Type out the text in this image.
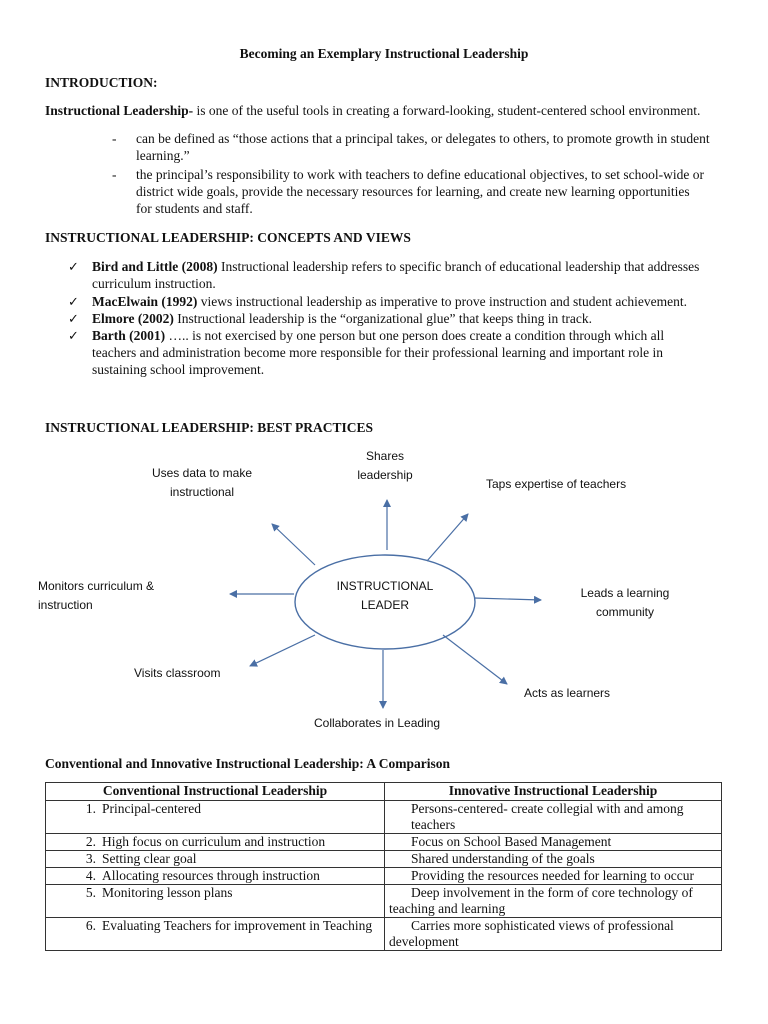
Becoming an Exemplary Instructional Leadership
INTRODUCTION:
Instructional Leadership- is one of the useful tools in creating a forward-looking, student-centered school environment.
- can be defined as “those actions that a principal takes, or delegates to others, to promote growth in student
learning.”
- the principal’s responsibility to work with teachers to define educational objectives, to set school-wide or
district wide goals, provide the necessary resources for learning, and create new learning opportunities
for students and staff.
INSTRUCTIONAL LEADERSHIP: CONCEPTS AND VIEWS
✓ Bird and Little (2008) Instructional leadership refers to specific branch of educational leadership that addresses
curriculum instruction.
✓ MacElwain (1992) views instructional leadership as imperative to prove instruction and student achievement.
✓ Elmore (2002) Instructional leadership is the “organizational glue” that keeps thing in track.
✓ Barth (2001) ….. is not exercised by one person but one person does create a condition through which all
teachers and administration become more responsible for their professional learning and important role in
sustaining school improvement.
INSTRUCTIONAL LEADERSHIP: BEST PRACTICES
INSTRUCTIONAL
LEADER
Uses data to make
instructional
Shares
leadership
Taps expertise of teachers
Monitors curriculum &
instruction
Leads a learning
community
Visits classroom
Acts as learners
Collaborates in Leading
Conventional and Innovative Instructional Leadership: A Comparison
Conventional Instructional Leadership	Innovative Instructional Leadership
1. Principal-centered	Persons-centered- create collegial with and among
teachers

2. High focus on curriculum and instruction	Focus on School Based Management
3. Setting clear goal	Shared understanding of the goals
4. Allocating resources through instruction	Providing the resources needed for learning to occur
5. Monitoring lesson plans	Deep involvement in the form of core technology of
teaching and learning

6. Evaluating Teachers for improvement in Teaching	Carries more sophisticated views of professional
development
